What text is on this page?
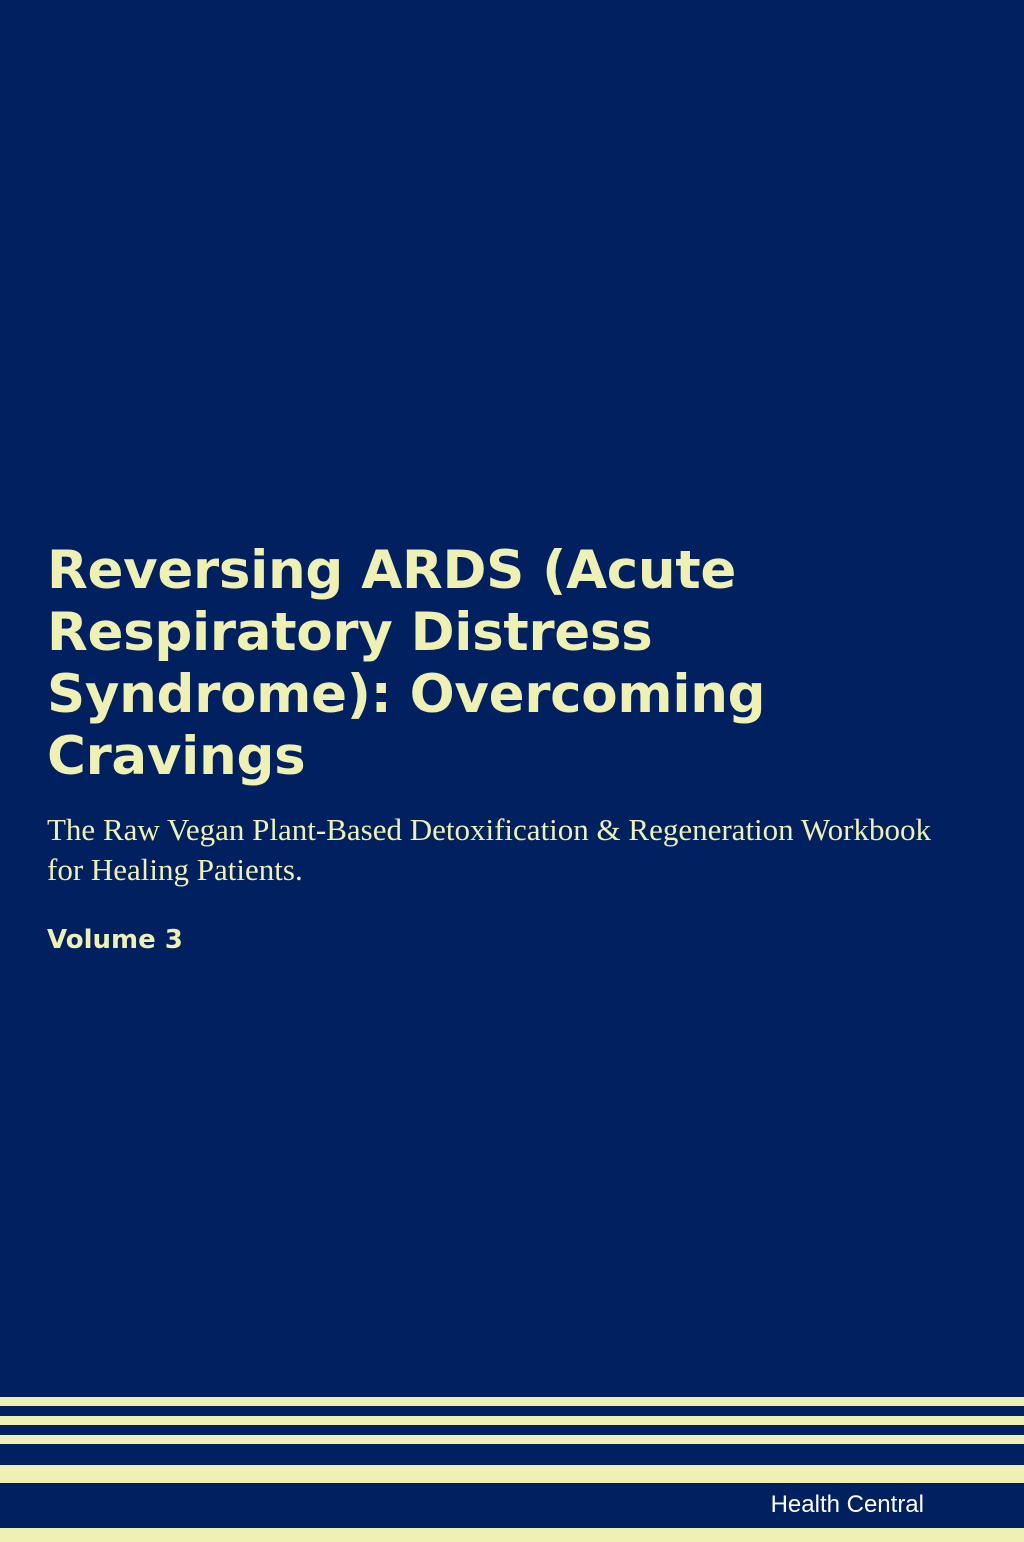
Reversing ARDS (Acute Respiratory Distress Syndrome): Overcoming Cravings

The Raw Vegan Plant-Based Detoxification & Regeneration Workbook for Healing Patients.

Volume 3

Health Central
